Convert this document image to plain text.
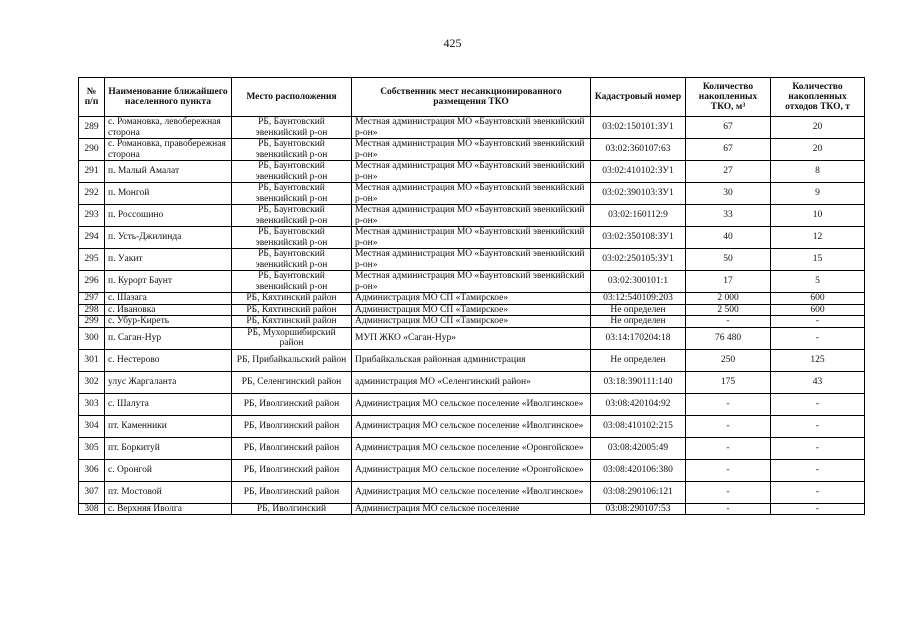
425
№ п/п	Наименование ближайшего населенного пункта	Место расположения	Собственник мест несанкционированного размещения ТКО	Кадастровый номер	Количество накопленных ТКО, м³	Количество накопленных отходов ТКО, т
289	с. Романовка, левобережная сторона	РБ, Баунтовский эвенкийский р-он	Местная администрация МО «Баунтовский эвенкийский р-он»	03:02:150101:ЗУ1	67	20
290	с. Романовка, правобережная сторона	РБ, Баунтовский эвенкийский р-он	Местная администрация МО «Баунтовский эвенкийский р-он»	03:02:360107:63	67	20
291	п. Малый Амалат	РБ, Баунтовский эвенкийский р-он	Местная администрация МО «Баунтовский эвенкийский р-он»	03:02:410102:ЗУ1	27	8
292	п. Монгой	РБ, Баунтовский эвенкийский р-он	Местная администрация МО «Баунтовский эвенкийский р-он»	03:02:390103:ЗУ1	30	9
293	п. Россошино	РБ, Баунтовский эвенкийский р-он	Местная администрация МО «Баунтовский эвенкийский р-он»	03:02:160112:9	33	10
294	п. Усть-Джилинда	РБ, Баунтовский эвенкийский р-он	Местная администрация МО «Баунтовский эвенкийский р-он»	03:02:350108:ЗУ1	40	12
295	п. Уакит	РБ, Баунтовский эвенкийский р-он	Местная администрация МО «Баунтовский эвенкийский р-он»	03:02:250105:ЗУ1	50	15
296	п. Курорт Баунт	РБ, Баунтовский эвенкийский р-он	Местная администрация МО «Баунтовский эвенкийский р-он»	03:02:300101:1	17	5
297	с. Шазага	РБ, Кяхтинский район	Администрация МО СП «Тамирское»	03:12:540109:203	2 000	600
298	с. Ивановка	РБ, Кяхтинский район	Администрация МО СП «Тамирское»	Не определен	2 500	600
299	с. Убур-Киреть	РБ, Кяхтинский район	Администрация МО СП «Тамирское»	Не определен	-	-
300	п. Саган-Нур	РБ, Мухоршибирский район	МУП ЖКО «Саган-Нур»	03:14:170204:18	76 480	-
301	с. Нестерово	РБ, Прибайкальский район	Прибайкальская районная администрация	Не определен	250	125
302	улус Жаргаланта	РБ, Селенгинский район	администрация МО «Селенгинский район»	03:18:390111:140	175	43
303	с. Шалута	РБ, Иволгинский район	Администрация МО сельское поселение «Иволгинское»	03:08:420104:92	-	-
304	пт. Каменники	РБ, Иволгинский район	Администрация МО сельское поселение «Иволгинское»	03:08:410102:215	-	-
305	пт. Боркитуй	РБ, Иволгинский район	Администрация МО сельское поселение «Оронгойское»	03:08:42005:49	-	-
306	с. Оронгой	РБ, Иволгинский район	Администрация МО сельское поселение «Оронгойское»	03:08:420106:380	-	-
307	пт. Мостовой	РБ, Иволгинский район	Администрация МО сельское поселение «Иволгинское»	03:08:290106:121	-	-
308	с. Верхняя Иволга	РБ, Иволгинский	Администрация МО сельское поселение	03:08:290107:53	-	-
